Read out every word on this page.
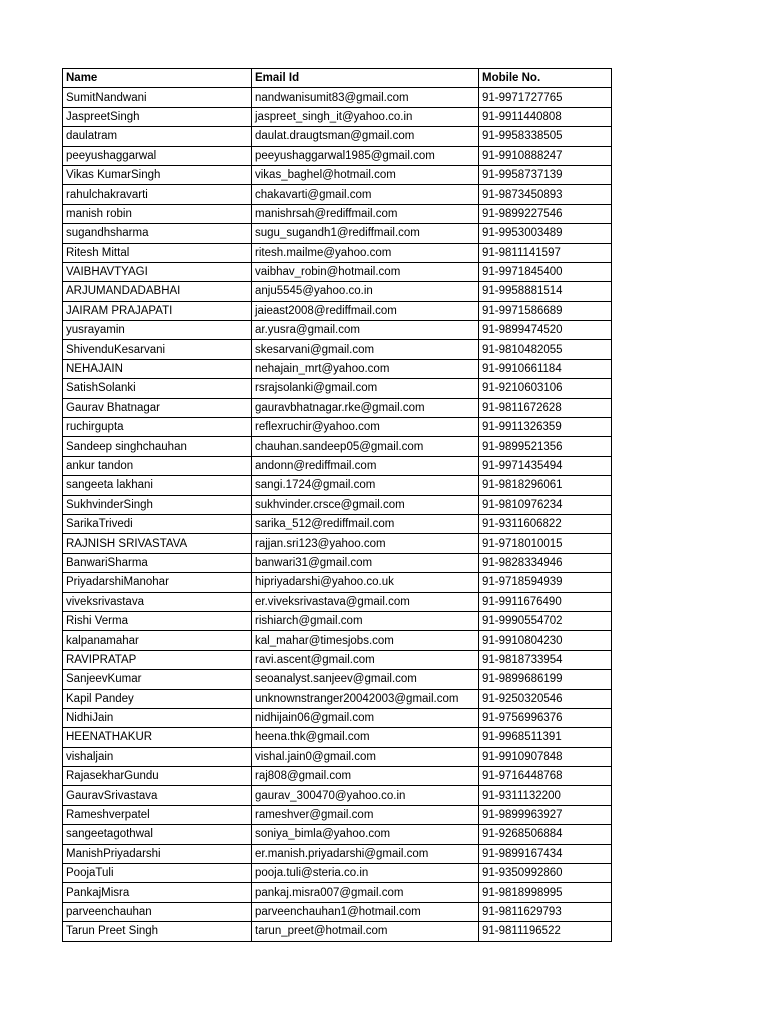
Name	Email Id	Mobile No.
SumitNandwani	nandwanisumit83@gmail.com	91-9971727765
JaspreetSingh	jaspreet_singh_it@yahoo.co.in	91-9911440808
daulatram	daulat.draugtsman@gmail.com	91-9958338505
peeyushaggarwal	peeyushaggarwal1985@gmail.com	91-9910888247
Vikas KumarSingh	vikas_baghel@hotmail.com	91-9958737139
rahulchakravarti	chakavarti@gmail.com	91-9873450893
manish robin	manishrsah@rediffmail.com	91-9899227546
sugandhsharma	sugu_sugandh1@rediffmail.com	91-9953003489
Ritesh Mittal	ritesh.mailme@yahoo.com	91-9811141597
VAIBHAVTYAGI	vaibhav_robin@hotmail.com	91-9971845400
ARJUMANDADABHAI	anju5545@yahoo.co.in	91-9958881514
JAIRAM PRAJAPATI	jaieast2008@rediffmail.com	91-9971586689
yusrayamin	ar.yusra@gmail.com	91-9899474520
ShivenduKesarvani	skesarvani@gmail.com	91-9810482055
NEHAJAIN	nehajain_mrt@yahoo.com	91-9910661184
SatishSolanki	rsrajsolanki@gmail.com	91-9210603106
Gaurav Bhatnagar	gauravbhatnagar.rke@gmail.com	91-9811672628
ruchirgupta	reflexruchir@yahoo.com	91-9911326359
Sandeep singhchauhan	chauhan.sandeep05@gmail.com	91-9899521356
ankur tandon	andonn@rediffmail.com	91-9971435494
sangeeta lakhani	sangi.1724@gmail.com	91-9818296061
SukhvinderSingh	sukhvinder.crsce@gmail.com	91-9810976234
SarikaTrivedi	sarika_512@rediffmail.com	91-9311606822
RAJNISH SRIVASTAVA	rajjan.sri123@yahoo.com	91-9718010015
BanwariSharma	banwari31@gmail.com	91-9828334946
PriyadarshiManohar	hipriyadarshi@yahoo.co.uk	91-9718594939
viveksrivastava	er.viveksrivastava@gmail.com	91-9911676490
Rishi Verma	rishiarch@gmail.com	91-9990554702
kalpanamahar	kal_mahar@timesjobs.com	91-9910804230
RAVIPRATAP	ravi.ascent@gmail.com	91-9818733954
SanjeevKumar	seoanalyst.sanjeev@gmail.com	91-9899686199
Kapil Pandey	unknownstranger20042003@gmail.com	91-9250320546
NidhiJain	nidhijain06@gmail.com	91-9756996376
HEENATHAKUR	heena.thk@gmail.com	91-9968511391
vishaljain	vishal.jain0@gmail.com	91-9910907848
RajasekharGundu	raj808@gmail.com	91-9716448768
GauravSrivastava	gaurav_300470@yahoo.co.in	91-9311132200
Rameshverpatel	rameshver@gmail.com	91-9899963927
sangeetagothwal	soniya_bimla@yahoo.com	91-9268506884
ManishPriyadarshi	er.manish.priyadarshi@gmail.com	91-9899167434
PoojaTuli	pooja.tuli@steria.co.in	91-9350992860
PankajMisra	pankaj.misra007@gmail.com	91-9818998995
parveenchauhan	parveenchauhan1@hotmail.com	91-9811629793
Tarun Preet Singh	tarun_preet@hotmail.com	91-9811196522
